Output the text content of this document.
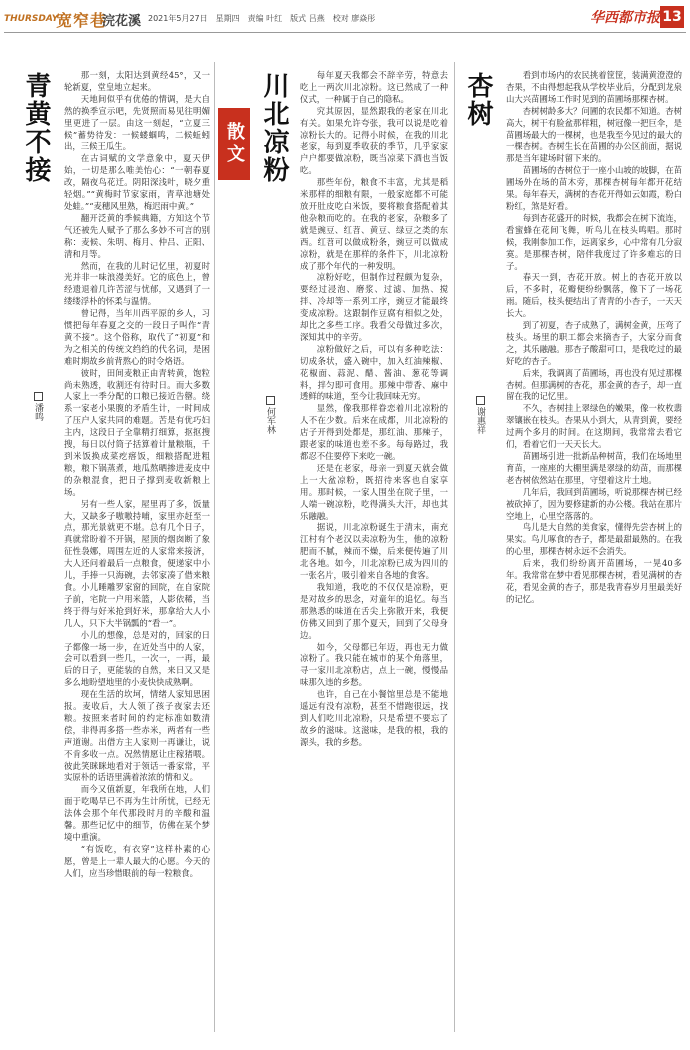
THURSDAY
宽窄巷
浣花溪 2021年5月27日　星期四　责编 叶红　版式 吕燕　校对 廖焱彤	华西都市报 13
青黄不接
潘鸣

那一刻，太阳达到黄经45°，又一轮新夏，堂皇地立起来。

天地间似乎有优倦的情调，是大自然的换季宣示吧，先贤照而易见往明媚里更进了一层。由这一刻起，“立夏三候”蓄势待发：一候蝼蝈鸣，二候蚯蚓出，三候王瓜生。

在古词赋的文学意象中，夏天伊始，一切是那么唯美怡心：“一朝春夏改，隔夜鸟花迁。阴阳深浅叶，晓夕重轻烟。”“黄梅时节家家雨，青草池塘处处蛙。”“麦穗风里熟，梅迟雨中黄。”

翻开泛黄的季候典籍，方知这个节气还被先人赋予了那么多妙不可言的别称：麦候、朱明、梅月、仲吕、正阳、清和月等。

然而，在我的儿时记忆里，初夏时光并非一味浪漫美好。它的底色上，曾经遗退着几许苦涩与忧郁，又遇到了一缕缕浮朴的怀柔与温情。

曾记得，当年川西平原的乡人，习惯把每年春夏之交的一段日子叫作“青黄不接”。这个俗称，取代了“初夏”和为之相关的传统文绉绉的代名词，是困难时期故乡前背熬心的时令烙语。

彼时，田间麦粮正由青转黄，饱粒尚未熟透，收割还有待时日。而大多数人家上一季分配的口粮已接近告罄。绕系一家老小果腹的矛盾生计，一时间成了压户人家共同的难题。苦是有优巧妇主内，这段日子全靠精打细算，抠抠搜搜，每日以付筒子括算着计量粮瓶，千到米饭换成菜疙瘩饭，细粮搭配进粗粮，粮下锅蒸煮，地瓜熬晒掺进麦皮中的杂粮混食，把日子撑到麦收新粮上场。

另有一些人家，屋里再了多，饭量大，又缺多子嗷嗷持哺，家里亦赶至一点，那光景就更不堪。总有几个日子，真就常盼着不开锅，屋顶的烟囱断了象征性袅娜，周围左近的人家常来接济，大人还问着最后一点粮食，便递家中小儿，手捧一只海碗，去邻家凑了借来粮食。小儿睡雕罗家窗的回院，在自家院子前，宅院一户用米篮，人影依稀，当终于得与好米抢到好米，那拿给大人小几人，只下大半锅瓢的“看一”。

小儿的想像，总是对的，回家的日子都像一场一步，在近处当中的人家，会可以看到一些几，一次一，一再，最后的日子，更能装的自然，来日又又是多么地盼望地里的小麦快快成熟啊。

现在生活的坎坷，情绪人家知思困报。麦收后，大人领了孩子夜家去还粮。按照来者时间的约定标准如数清偿，非得再多搭一些赤米，两者有一些声道谢。出借方主人家则一再谦让，说不肯多收一点。况然情愿让庄稼猪喂。彼此笑眯眯地看对于领话一番家常，平实原朴的话语里满着浓浓的情和义。

而今又值新夏，年我所在地，人们面于吃喝早已不再为生计所忧，已经无法体会那个年代那段时月的辛酸和温馨。那些记忆中的细节，仿佛在某个梦境中重演。

“有饭吃，有衣穿”这样朴素的心愿，曾是上一辈人最大的心愿。今天的人们，应当珍惜眼前的每一粒粮食。

川北凉粉
散文
何军林

每年夏天我都会不辞辛劳，特意去吃上一两次川北凉粉。这已然成了一种仪式，一种属于自己的隐私。

究其原因，显然跟我的老家在川北有关。如果允许夸张，我可以说是吃着凉粉长大的。记得小时候，在我的川北老家，每到夏季收获的季节，几乎家家户户都要做凉粉，既当凉菜下酒也当饭吃。

那些年份，粮食不丰富，尤其是稻米那样的细粮有限，一般家庭都不可能放开肚皮吃白米饭，要将粮食搭配着其他杂粮而吃的。在我的老家，杂粮多了就是豌豆、红苕、黄豆、绿豆之类的东西。红苕可以做成粉条，豌豆可以做成凉粉，就是在那样的条件下，川北凉粉成了那个年代的一种发明。

凉粉好吃，但制作过程颇为复杂，要经过浸泡、磨浆、过滤、加热、搅拌、冷却等一系列工序，豌豆才能最终变成凉粉。这跟制作豆腐有相似之处，却比之多些工序。我看父母做过多次，深知其中的辛劳。

凉粉做好之后，可以有多种吃法：切成条状，盛入碗中，加入红油辣椒、花椒面、蒜泥、醋、酱油、葱花等调料，拌匀即可食用。那辣中带香、麻中透鲜的味道，至今让我回味无穷。

显然，像我那样眷恋着川北凉粉的人不在少数。后来在成都，川北凉粉的店子开得到处都是，那红油、那辣子，跟老家的味道也差不多。每每路过，我都忍不住要停下来吃一碗。

还是在老家，母亲一到夏天就会做上一大盆凉粉，既招待来客也自家享用。那时候，一家人围坐在院子里，一人端一碗凉粉，吃得满头大汗，却也其乐融融。

据说，川北凉粉诞生于清末，南充江村有个老汉以卖凉粉为生，他的凉粉肥而不腻，辣而不燥，后来便传遍了川北各地。如今，川北凉粉已成为四川的一张名片，吸引着来自各地的食客。

我知道，我吃的不仅仅是凉粉，更是对故乡的思念，对童年的追忆。每当那熟悉的味道在舌尖上弥散开来，我便仿佛又回到了那个夏天，回到了父母身边。

如今，父母都已年迈，再也无力做凉粉了。我只能在城市的某个角落里，寻一家川北凉粉店，点上一碗，慢慢品味那久违的乡愁。

也许，自己在小餐馆里总是不能地遥远有没有凉粉，甚至不惜跑很远，找到人们吃川北凉粉，只是希望不要忘了故乡的滋味。这滋味，是我的根，我的源头，我的乡愁。

杏树
谢惠祥

看到市场内的农民挑着筐筐，装满黄澄澄的杏果，不由得想起我从学校毕业后，分配到龙泉山大兴苗圃场工作时见到的苗圃场那棵杏树。

杏树树龄多大？问圃的农民都不知道。杏树高大，树干有脸盆那样粗，树冠像一把巨伞，是苗圃场最大的一棵树，也是我至今见过的最大的一棵杏树。杏树生长在苗圃的办公区前面，据说那是当年建场时留下来的。

苗圃场的杏树位于一座小山坡的坡脚，在苗圃场外在场的苗木旁，那棵杏树每年都开花结果。每年春天，满树的杏花开得如云如霞，粉白粉红，煞是好看。

每到杏花盛开的时候，我都会在树下流连，看蜜蜂在花间飞舞，听鸟儿在枝头鸣唱。那时候，我刚参加工作，远离家乡，心中常有几分寂寞。是那棵杏树，陪伴我度过了许多难忘的日子。

春天一到，杏花开放。树上的杏花开放以后，不多时，花瓣便纷纷飘落，像下了一场花雨。随后，枝头便结出了青青的小杏子，一天天长大。

到了初夏，杏子成熟了，满树金黄，压弯了枝头。场里的职工都会来摘杏子，大家分而食之，其乐融融。那杏子酸甜可口，是我吃过的最好吃的杏子。

后来，我调离了苗圃场，再也没有见过那棵杏树。但那满树的杏花，那金黄的杏子，却一直留在我的记忆里。

不久，杏树挂上翠绿色的嫩果，像一枚枚翡翠镶嵌在枝头。杏果从小到大，从青到黄，要经过两个多月的时间。在这期间，我常常去看它们，看着它们一天天长大。

苗圃场引进一批新品种树苗，我们在场地里育苗，一座座的大棚里满是翠绿的幼苗，而那棵老杏树依然站在那里，守望着这片土地。

几年后，我回到苗圃场，听说那棵杏树已经被砍掉了，因为要修建新的办公楼。我站在那片空地上，心里空落落的。

鸟儿是大自然的美食家，懂得先尝杏树上的果实。鸟儿啄食的杏子，都是最甜最熟的。在我的心里，那棵杏树永远不会消失。

后来，我们纷纷离开苗圃场，一晃40多年。我常常在梦中看见那棵杏树，看见满树的杏花，看见金黄的杏子，那是我青春岁月里最美好的记忆。
